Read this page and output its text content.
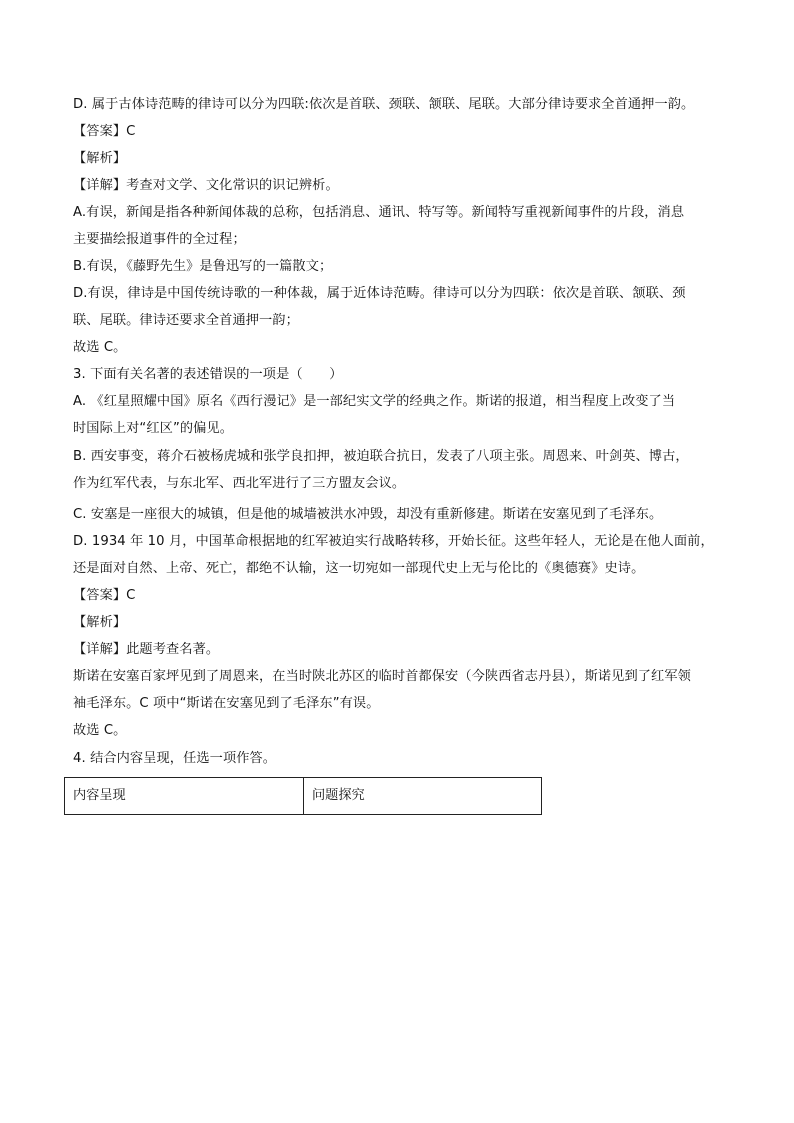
D. 属于古体诗范畴的律诗可以分为四联:依次是首联、颈联、颔联、尾联。大部分律诗要求全首通押一韵。
【答案】C
【解析】
【详解】考查对文学、文化常识的识记辨析。
A.有误，新闻是指各种新闻体裁的总称，包括消息、通讯、特写等。新闻特写重视新闻事件的片段，消息
主要描绘报道事件的全过程；
B.有误，《藤野先生》是鲁迅写的一篇散文；
D.有误，律诗是中国传统诗歌的一种体裁，属于近体诗范畴。律诗可以分为四联：依次是首联、颔联、颈
联、尾联。律诗还要求全首通押一韵；
故选 C。
3. 下面有关名著的表述错误的一项是（　　）
A. 《红星照耀中国》原名《西行漫记》是一部纪实文学的经典之作。斯诺的报道，相当程度上改变了当
时国际上对“红区”的偏见。
B. 西安事变，蒋介石被杨虎城和张学良扣押，被迫联合抗日，发表了八项主张。周恩来、叶剑英、博古，
作为红军代表，与东北军、西北军进行了三方盟友会议。
C. 安塞是一座很大的城镇，但是他的城墙被洪水冲毁，却没有重新修建。斯诺在安塞见到了毛泽东。
D. 1934 年 10 月，中国革命根据地的红军被迫实行战略转移，开始长征。这些年轻人，无论是在他人面前，
还是面对自然、上帝、死亡，都绝不认输，这一切宛如一部现代史上无与伦比的《奥德赛》史诗。
【答案】C
【解析】
【详解】此题考查名著。
斯诺在安塞百家坪见到了周恩来，在当时陕北苏区的临时首都保安（今陕西省志丹县），斯诺见到了红军领
袖毛泽东。C 项中“斯诺在安塞见到了毛泽东”有误。
故选 C。
4. 结合内容呈现，任选一项作答。
内容呈现	问题探究
